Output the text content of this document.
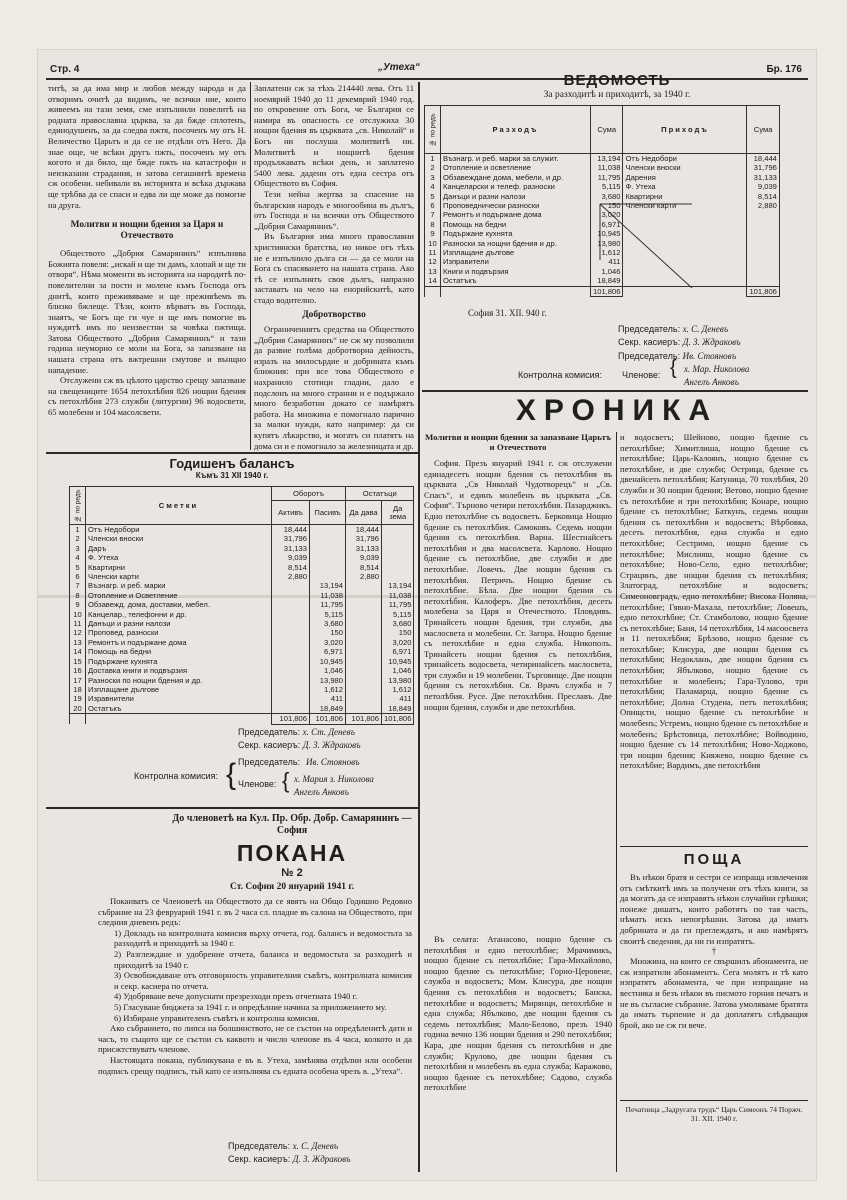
Стр. 4	„Утеха“	Бр. 176
титѣ, за да има мир и любов между народа и да отворимъ очитѣ да видимъ, че всички ние, които живеемъ на тази земя, сме изпълнили повелитѣ на родната православна църква, за да бжде сплотенъ, единодушенъ, за да следва пжтя, посоченъ му отъ Н. Величество Царьтъ и да се не отдѣли отъ Него. Да знае още, че всѣки другъ пжть, посоченъ му отъ когото и да било, ще бжде пжть на катастрофи и неизказани страдания, и затова сегашнитѣ времена сж особени. небивали въ историята и всѣка държава ще трѣбва да се спаси и едва ли ще може да помогне на друга.
Молитви и нощни бдения за Царя и Отечеството
Обществото „Добрия Самарянинъ“ изпълнява Божията повеля: „искай и ще ти дамъ, хлопай и ще ти отворя“. Нѣма моменти въ историята на народитѣ по-повелителни за пости и молене къмъ Господа отъ днитѣ, които преживяваме и ще преживѣемъ въ близко бжлеще. Тѣзи, които вѣрватъ въ Господа, знаятъ, че Богъ ще ги чуе и ще имъ помогне въ нуждитѣ имъ по неизвестни за човѣка пжтища. Затова Обществото „Добрия Самарянинъ“ и тази година неуморно се моли на Бога, за запазване на нашата страна отъ вжтрешни смутове и вънщно нападение.
Отслужени сж въ цѣлото царство срещу запазване на свещениците 1654 петохлѣбия 826 нощни бдения съ петохлѣбия 273 служби (литургии) 96 водосвети, 65 молебени и 104 масолсвети.
Заплатени сж за тѣхъ 214440 лева. Отъ 11 ноемврий 1940 до 11 декемврий 1940 год. по откровение отъ Бога, че България се намира въ опасность се отслужиха 30 нощни бдения въ църквата „св. Николай“ и Богъ ни послуша молитвитѣ ни. Молитвитѣ и нощнитѣ бдения продължаватъ всѣки день, и заплатено 5400 лева. дадени отъ една сестра отъ Обществото въ София.
Тези нейна жертва за спасение на българския народъ е многообина въ дългъ, отъ Господа и на всички отъ Обществото „Добрия Самарянинъ“.
Въ България има много православни християнски братства, но никое отъ тѣхъ не е изпълнило дълга си — да се моли на Бога съ спасяването на нашата страна. Ако тѣ се изпълнятъ своя дългъ, напразно заставатъ на чело на енорийскитѣ, като стадо водително.
Добротворство
Ограничениятъ средства на Обществото „Добрия Самарянинъ“ не сж му позволили да развие голѣма добротворна дейность, изразъ на милосърдие и добрината къмъ ближния: при все това Обществото е нахранило стотици гладни, дало е подслонъ на много странни и е подържало много безработни докато се намѣрятъ работа. На множина е помогнало парично за малки нужди, като например: да си купятъ лѣкарство, и могатъ си платятъ на дома си и е помогнало за железницата и др.
ВЕДОМОСТЬ
За разходитѣ и приходитѣ, за 1940 г.
№ по редъ	Разходъ	Сума	Приходъ	Сума
1	Възнагр. и реб. марки за служит.	13,194	Отъ Недобори	18,444
2	Отопление и осветление	11,038	Членски вноски	31,796
3	Обзавеждане дома, мебели, и др.	11,795	Дарения	31,133
4	Канцеларски и телеф. разноски	5,115	Ф. Утеха	9,039
5	Данъци и разни налози	3,680	Квартирни	8,514
6	Проповеднически разноски	150	Членски карти	2,880
7	Ремонтъ и подържане дома	3,020		
8	Помощь на бедни	6,971		
9	Подържане кухнята	10,945		
10	Разноски за нощни бдения и др.	13,980		
11	Изплащане дългове	1,612		
12	Изправители	411		
13	Книги и подвързия	1,046		
14	Остатъкъ	18,849		
		101,806		101,806
София 31. XII. 940 г.
Председатель: х. С. Деневъ
Секр. касиеръ: Д. З. Ждраковъ
Председатель: Ив. Стояновъ
Контролна комисия: Членове: { х. Мар. Николова
Ангелъ Анковъ
ХРОНИКА
Молитви и нощни бдения за запазване Царьтъ и Отечеството
София. Презъ януарий 1941 г. сж отслужени единадесетъ нощни бдения съ петохлѣбия въ църквата „Св Николай Чудотворецъ“ и „Св. Спасъ“, и единъ молебенъ въ църквата „Св. София“. Търново четири петохлѣбия. Пазарджикъ. Едно петохлѣбие съ водосветъ. Берковица Нощно бдение съ петохлѣбия. Самоковъ. Седемь нощни бдения съ петохлѣбия. Варна. Шестнайсетъ петохлѣбия и два масолсвета. Карлово. Нощно бдение съ петохлѣбие, две служби и две петохлѣбие. Ловечъ. Две нощни бдения съ петохлѣбия. Петричъ. Нощно бдение съ петохлѣбие. Бѣла. Две нощни бдения съ петохлѣбия. Калоферъ. Две петохлѣбия, десеть молебена за Царя и Отечеството. Пловдивъ. Тринайсеть нощни бдения, три служби, два маслосвета и молебени. Ст. Загора. Нощно бдение съ петохлѣбие и една служба. Никополъ. Тринайсеть нощни бдения съ петохлѣбия, тринайсеть водосвета, четиринайсеть маслосвета, три служби и 19 молебени. Търговище. Две нощни бдения съ петохлѣбия. Св. Врачъ служба и 7 петолѣбия. Русе. Две петохлѣбия. Преславъ. Две нощни бдения, служби и две петохлѣбия.
Въ селата: Атанасово, нощно бдение съ петохлѣбия и едно петохлѣбие; Мрачимикъ, нощно бдение съ петохлѣбие; Гара-Михайлово, нощно бдение съ петохлѣбие; Горно-Церовене, служба и водосветъ; Мом. Клисура, две нощни бдения съ петохлѣбия и водосветъ; Банска, петохлѣбие и водосветъ; Мирянци, петохлѣбие и една служба; Ябълково, две нощни бдения съ седемь петохлѣбия; Мало-Белово, презъ 1940 година вечно 136 нощни бдения и 290 петохлѣбия; Кара, две нощни бдения съ петохлѣбия и две служби; Крулово, две нощни бдения съ петохлѣбия и молебенъ въ една служба; Каражово, нощно бдение съ петохлѣбие; Садово, служба петохлѣбие
и водосветъ; Шейново, нощно бдение съ петохлѣбие; Химитлиша, нощно бдение съ петохлѣбие; Царь-Калоянъ, нощно бдение съ петохлѣбие, и две служби; Острица, бдение съ двенайсеть петохлѣбия; Катуница, 70 тохлѣбия, 20 служби и 30 нощни бдения; Ветово, нощно бдение съ петохлѣбие и три петохлѣбия; Конаре, нощно бдение съ петохлѣбие; Баткунъ, седемь нощни бдения съ петохлѣбия и водосветъ; Вѣрбовка, десеть петохлѣбия, една служба и едно петохлѣбие; Сестримо, нощно бдение съ петохлѣбие; Мислияш, нощно бдение съ петохлѣбие; Ново-Село, едно петохлѣбие; Страцинъ, две нощни бдения съ петохлѣбия; Златоград, петохлѣбие и водосветъ; Симеоновградъ, едно петохлѣбие; Висока Поляна, петохлѣбие; Гявно-Махала, петохлѣбие; Ловешъ, едно петохлѣбие; Ст. Стамболово, нощно бдение съ петохлѣбие; Баня, 14 петохлѣбия, 14 масоосвета и 11 петохлѣбия; Брѣзово, нощно бдение съ петохлѣбие; Клисура, две нощни бдения съ петохлѣбия; Недоклань, две нощни бдения съ петохлѣбия; Ябълково, нощно бдение съ петохлѣбие и молебенъ; Гара-Тулово, три петохлѣбия; Паламарца, нощно бдение съ петохлѣбие; Долна Студена, петъ петохлѣбия; Опищсти, нощно бдение съ петохлѣбие и молебенъ; Устремъ, нощно бдение съ петохлѣбие и молебенъ; Брѣстовица, петохлѣбие; Войводино, нощно бдение съ 14 петохлѣбия; Ново-Ходжово, три нощни бдения; Княжево, нощно бдение съ петохлѣбие; Вардимъ, две петохлѣбия
ПОЩА
Въ нѣкои братя и сестри се изпраща извлечения отъ смѣткитѣ имъ за получени отъ тѣхъ книги, за да могатъ да се изправятъ нѣкои случайни грѣшки; понеже дишатъ, които работятъ по тая часть, нѣматъ искъ непогрѣшни. Затова да иматъ добрината и да ги преглеждатъ, и ако намѣрятъ своитѣ сведения, да ни ги изпратятъ.
†
Множина, на които се свършилъ абонамента, не сж изпратили абонаментъ. Сега молятъ и тѣ като изпратятъ абонамента, че при изпращане на вестника и безъ нѣкои въ писмото горния печатъ и не въ съгласие събрание. Затова умоляваме братята да иматъ търпение и да доплатятъ слѣдващия брой, ако не сж ги вече.
Печатница „Задругата трудъ“ Царь Симеонъ 74 Поржч. 31. XII. 1940 г.
Годишенъ балансъ
Къмъ 31 XII 1940 г.
№ по редъ	Сметки	Оборотъ		Остатъци	
		Активъ	Пасивъ	Да дава	Да зема
1	Отъ Недобори	18,444		18,444	
2	Членски вноски	31,796		31,796	
3	Даръ	31,133		31,133	
4	Ф. Утеха	9,039		9,039	
5	Квартирни	8,514		8,514	
6	Членски карти	2,880		2,880	
7	Възнагр. и реб. марки		13,194		13,194
8	Отопление и Осветление		11,038		11,038
9	Обзавежд. дома, доставки, мебел.		11,795		11,795
10	Канцелар., телефонни и др.		5,115		5,115
11	Данъци и разни налози		3,680		3,680
12	Проповед. разноски		150		150
13	Ремонтъ и подържане дома		3,020		3,020
14	Помощь на бедни		6,971		6,971
15	Подържане кухнята		10,945		10,945
16	Доставка книги и подвързия		1,046		1,046
17	Разноски по нощни бдения и др.		13,980		13,980
18	Изплащане дългове		1,612		1,612
19	Изравнители		411		411
20	Остатъкъ		18,849		18,849
		101,806	101,806	101,806	101,806
Председатель: х. Ст. Деневъ
Секр. касиеръ: Д. З. Ждраковъ
Контролна комисия: { Председатель: Ив. Стояновъ
Членове: { х. Мария з. Николова
Ангелъ Анковъ
До членоветѣ на Кул. Пр. Обр. Добр. Самарянинъ — София
ПОКАНА
№ 2
Ст. София 20 януарий 1941 г.
Поканватъ се Членоветѣ на Обществото да се явятъ на Общо Годишно Редовно събрание на 23 февруарий 1941 г. въ 2 часа сл. пладне въ салона на Обществото, при следния дневенъ редъ:
1) Докладъ на контролната комисия върху отчета, год. балансъ и ведомостьта за разходитѣ и приходитѣ за 1940 г.
2) Разглеждане и удобрение отчета, баланса и ведомостьта за разходитѣ и приходитѣ за 1940 г.
3) Освобождаване отъ отговорность управителния съвѣтъ, контролната комисия и секр. касиера по отчета.
4) Удобряване вече допуснати презрезходи презъ отчетната 1940 г.
5) Гласуване бюджета за 1941 г. и опредѣлние начина за приложението му.
6) Избиране управителенъ съвѣтъ и контролна комисия.
Ако събранието, по липса на болшинството, не се състои на опредѣленитѣ дати и часъ, то същото ще се състои съ каквото и число членове въ 4 часа, колкото и да присжтствуватъ членове.
Настоящата покана, публикувана е въ в. Утеха, замѣнява отдѣлни или особени подписъ срещу подписъ, тъй като се изпълнява съ едната особена чрезъ в. „Утеха“.
Председатель: х. С. Деневъ
Секр. касиеръ: Д. З. Ждраковъ
